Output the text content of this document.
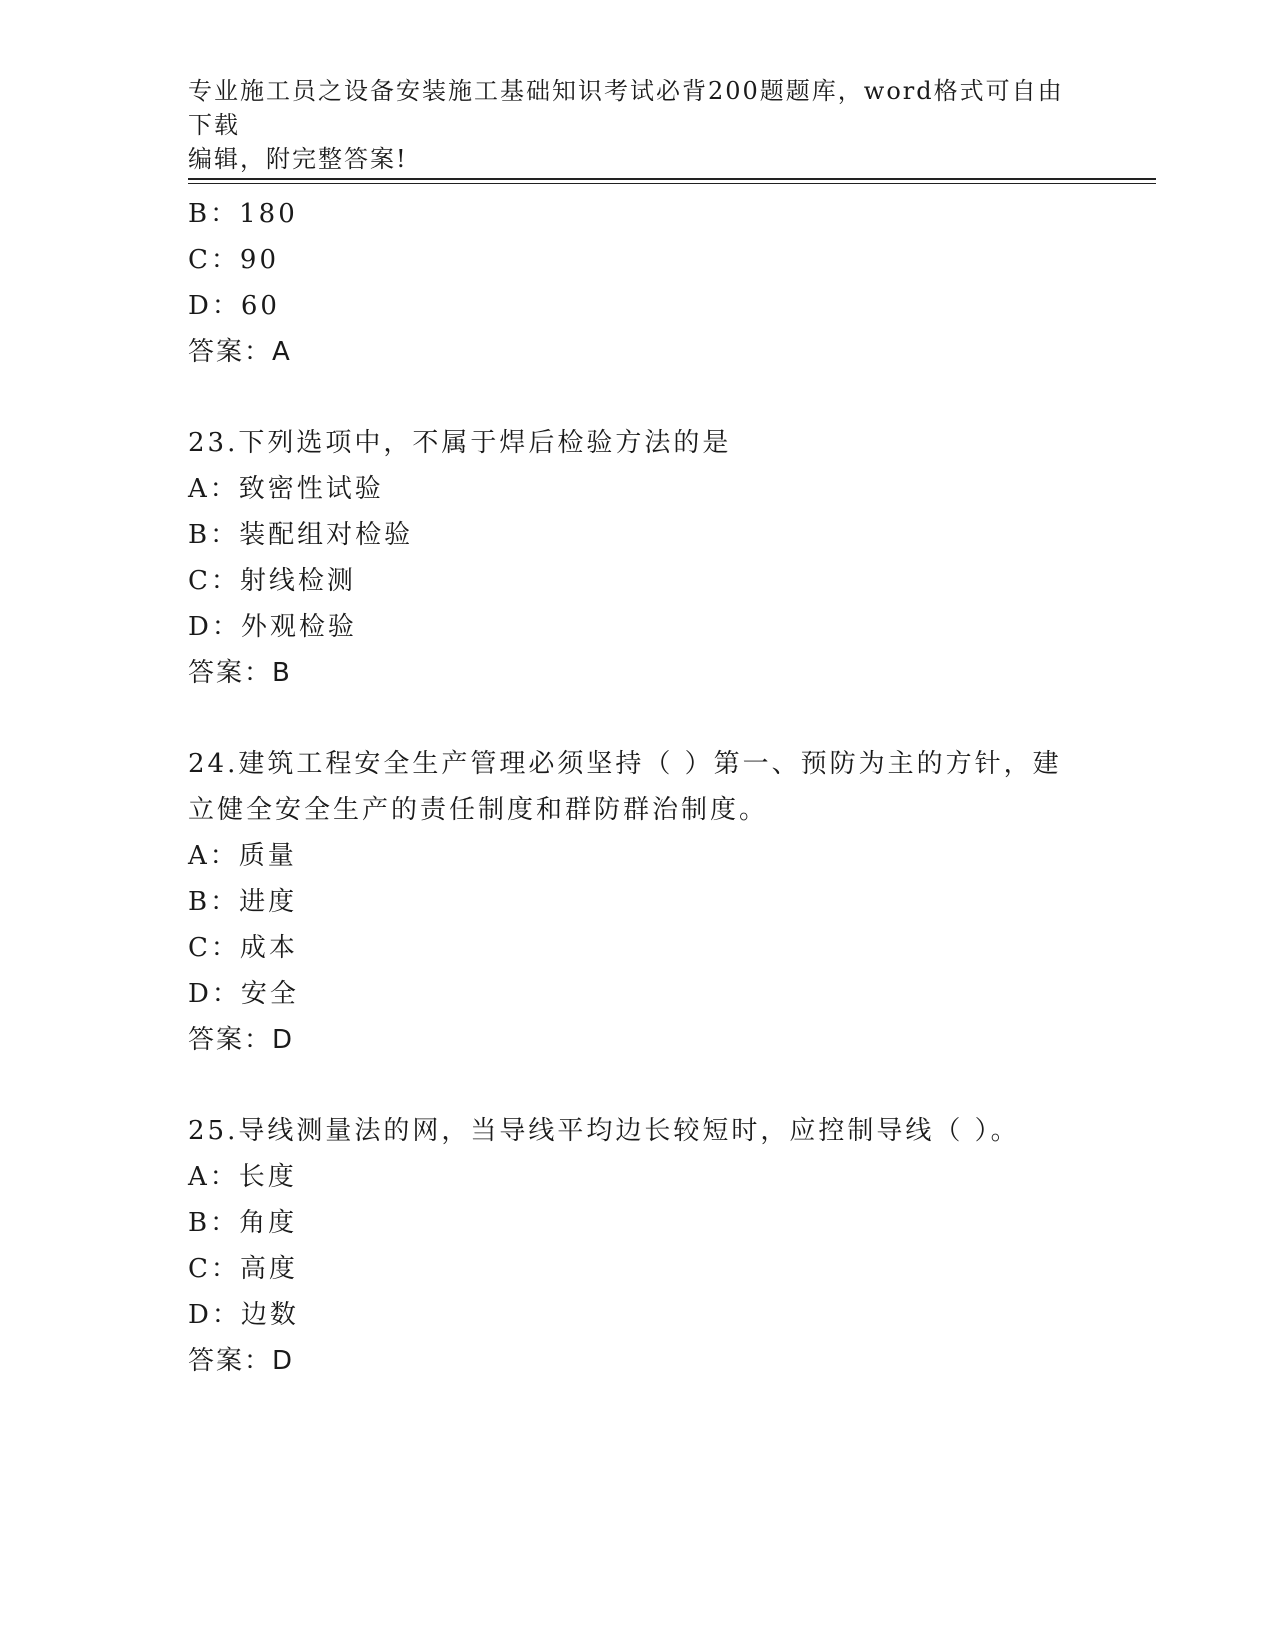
专业施工员之设备安装施工基础知识考试必背200题题库，word格式可自由下载
编辑，附完整答案!
B：180
C：90
D：60
答案：A
23.下列选项中，不属于焊后检验方法的是
A：致密性试验
B：装配组对检验
C：射线检测
D：外观检验
答案：B
24.建筑工程安全生产管理必须坚持（ ）第一、预防为主的方针，建立健全安全生产的责任制度和群防群治制度。
A：质量
B：进度
C：成本
D：安全
答案：D
25.导线测量法的网，当导线平均边长较短时，应控制导线（ ）。
A：长度
B：角度
C：高度
D：边数
答案：D
